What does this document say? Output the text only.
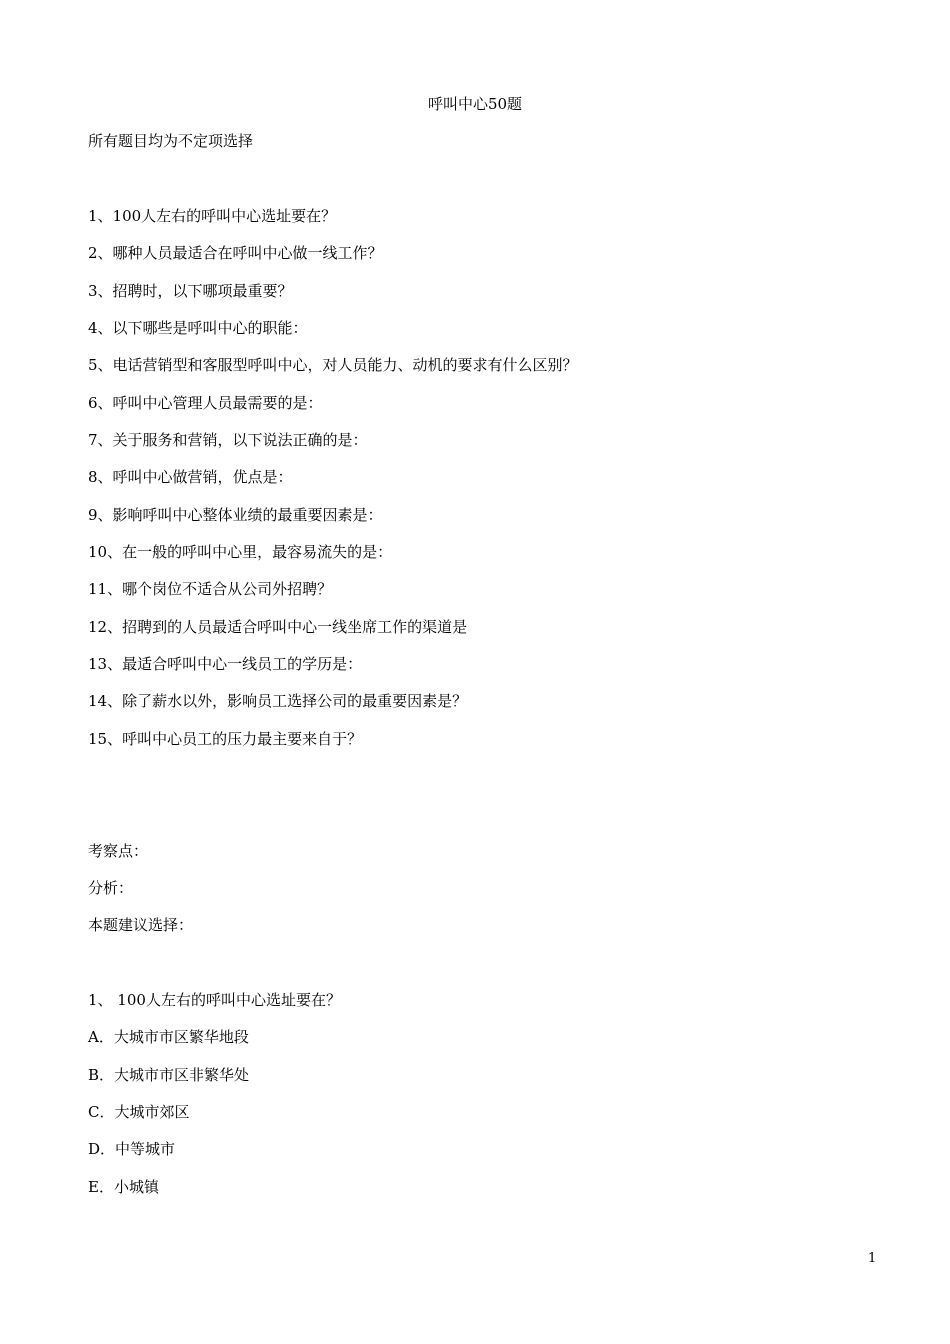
呼叫中心50题
所有题目均为不定项选择
1、100人左右的呼叫中心选址要在？
2、哪种人员最适合在呼叫中心做一线工作？
3、招聘时，以下哪项最重要？
4、以下哪些是呼叫中心的职能：
5、电话营销型和客服型呼叫中心，对人员能力、动机的要求有什么区别？
6、呼叫中心管理人员最需要的是：
7、关于服务和营销，以下说法正确的是：
8、呼叫中心做营销，优点是：
9、影响呼叫中心整体业绩的最重要因素是：
10、在一般的呼叫中心里，最容易流失的是：
11、哪个岗位不适合从公司外招聘？
12、招聘到的人员最适合呼叫中心一线坐席工作的渠道是
13、最适合呼叫中心一线员工的学历是：
14、除了薪水以外，影响员工选择公司的最重要因素是？
15、呼叫中心员工的压力最主要来自于？
考察点：
分析：
本题建议选择：
1、 100人左右的呼叫中心选址要在？
A．大城市市区繁华地段
B．大城市市区非繁华处
C．大城市郊区
D．中等城市
E．小城镇
1
